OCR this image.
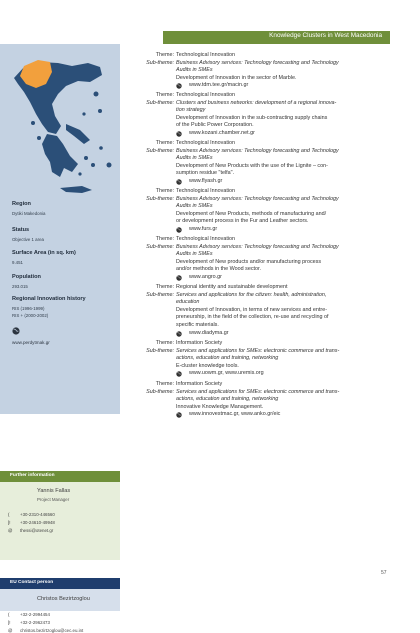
Knowledge Clusters in West Macedonia
Region
Dytiki Makedonia
Status
Objective 1 area
Surface Area (in sq. km)
9.451
Population
293.015
Regional Innovation history
RIS (1996-1999)
RIS + (2000-2002)
www.perdytmak.gr
Further information
Yannis Fallas
Project Manager
( +30-2310-446560
[! +30-24610-49948
@ thessi@otenet.gr
EU Contact person
Christos Bezirtzoglou
( +32-2-2994454
[! +32-2-2962473
@ christos.bezirtzoglou@cec.eu.int
Theme: Technological Innovation
Sub-theme: Business Advisory services: Technology forecasting and Technology
Audits in SMEs
Development of Innovation in the sector of Marble.
www.tdm.tee.gr/macin.gr
Theme: Technological Innovation
Sub-theme: Clusters and business networks: development of a regional innova-
tion strategy
Development of Innovation in the sub-contracting supply chains
of the Public Power Corporation.
www.kozani.chamber.net.gr
Theme: Technological Innovation
Sub-theme: Business Advisory services: Technology forecasting and Technology
Audits in SMEs
Development of New Products with the use of the Lignite – con-
sumption residue "telfa".
www.flyash.gr
Theme: Technological Innovation
Sub-theme: Business Advisory services: Technology forecasting and Technology
Audits in SMEs
Development of New Products, methods of manufacturing and/
or development process in the Fur and Leather sectors.
www.furs.gr
Theme: Technological Innovation
Sub-theme: Business Advisory services: Technology forecasting and Technology
Audits in SMEs
Development of New products and/or manufacturing process
and/or methods in the Wood sector.
www.angro.gr
Theme: Regional identity and sustainable development
Sub-theme: Services and applications for the citizen: health, administration,
education
Development of Innovation, in terms of new services and entre-
preneurship, in the field of the collection, re-use and recycling of
specific materials.
www.diadyma.gr
Theme: Information Society
Sub-theme: Services and applications for SMEs: electronic commerce and trans-
actions, education and training, networking
E-cluster knowledge tools.
www.uowm.gr, www.uremis.org
Theme: Information Society
Sub-theme: Services and applications for SMEs: electronic commerce and trans-
actions, education and training, networking
Innovative Knowledge Management.
www.innovestmac.gr, www.anko.gr/eic
57
